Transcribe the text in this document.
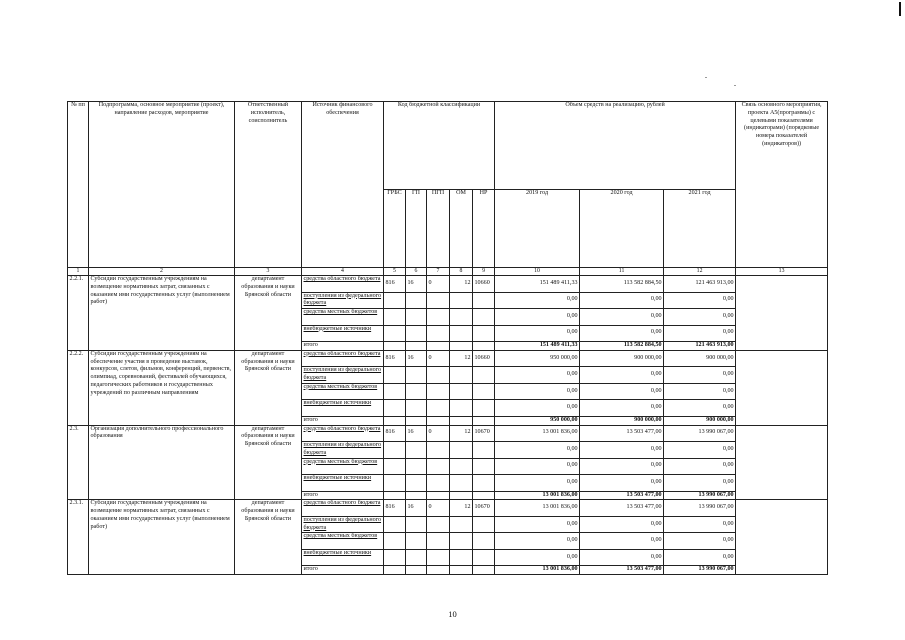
№ пп	Подпрограмма, основное мероприятие (проект), направление расходов, мероприятие	Ответственный исполнитель, соисполнитель	Источник финансового обеспечения	Код бюджетной классификации					Объем средств на реализацию, рублей			Связь основного мероприятия, проекта А5(программы) с целевыми показателями (индикаторами) (порядковые номера показателей (индикаторов))
				ГРБС	ГП	ПГП	ОМ	НР	2019 год	2020 год	2021 год	
1	2	3	4	5	6	7	8	9	10	11	12	13
2.2.1.	Субсидии государственным учреждениям на возмещение нормативных затрат, связанных с оказанием ими государственных услуг (выполнением работ)	департамент образования и науки Брянской области	средства областного бюджета	816	16	0	12	10660	151 489 411,33	113 582 884,50	121 463 913,00	
			поступления из федерального бюджета						0,00	0,00	0,00	
			средства местных бюджетов						0,00	0,00	0,00	
			внебюджетные источники						0,00	0,00	0,00	
			итого						151 489 411,33	113 582 884,50	121 463 913,00	
2.2.2.	Субсидии государственным учреждениям на обеспечение участия в проведение выставок, конкурсов, слетов, фильмов, конференций, первенств, олимпиад, соревнований, фестивалей обучающихся, педагогических работников и государственных учреждений по различным направлениям	департамент образования и науки Брянской области	средства областного бюджета	816	16	0	12	10660	950 000,00	900 000,00	900 000,00	
			поступления из федерального бюджета						0,00	0,00	0,00	
			средства местных бюджетов						0,00	0,00	0,00	
			внебюджетные источники						0,00	0,00	0,00	
			итого						950 000,00	900 000,00	900 000,00	
2.3.	Организация дополнительного профессионального образования	департамент образования и науки Брянской области	средства областного бюджета	816	16	0	12	10670	13 001 836,00	13 503 477,00	13 990 067,00	
			поступления из федерального бюджета						0,00	0,00	0,00	
			средства местных бюджетов						0,00	0,00	0,00	
			внебюджетные источники						0,00	0,00	0,00	
			итого						13 001 836,00	13 503 477,00	13 990 067,00	
2.3.1.	Субсидии государственным учреждениям на возмещение нормативных затрат, связанных с оказанием ими государственных услуг (выполнением работ)	департамент образования и науки Брянской области	средства областного бюджета	816	16	0	12	10670	13 001 836,00	13 503 477,00	13 990 067,00	
			поступления из федерального бюджета						0,00	0,00	0,00	
			средства местных бюджетов						0,00	0,00	0,00	
			внебюджетные источники						0,00	0,00	0,00	
			итого						13 001 836,00	13 503 477,00	13 990 067,00	
10
